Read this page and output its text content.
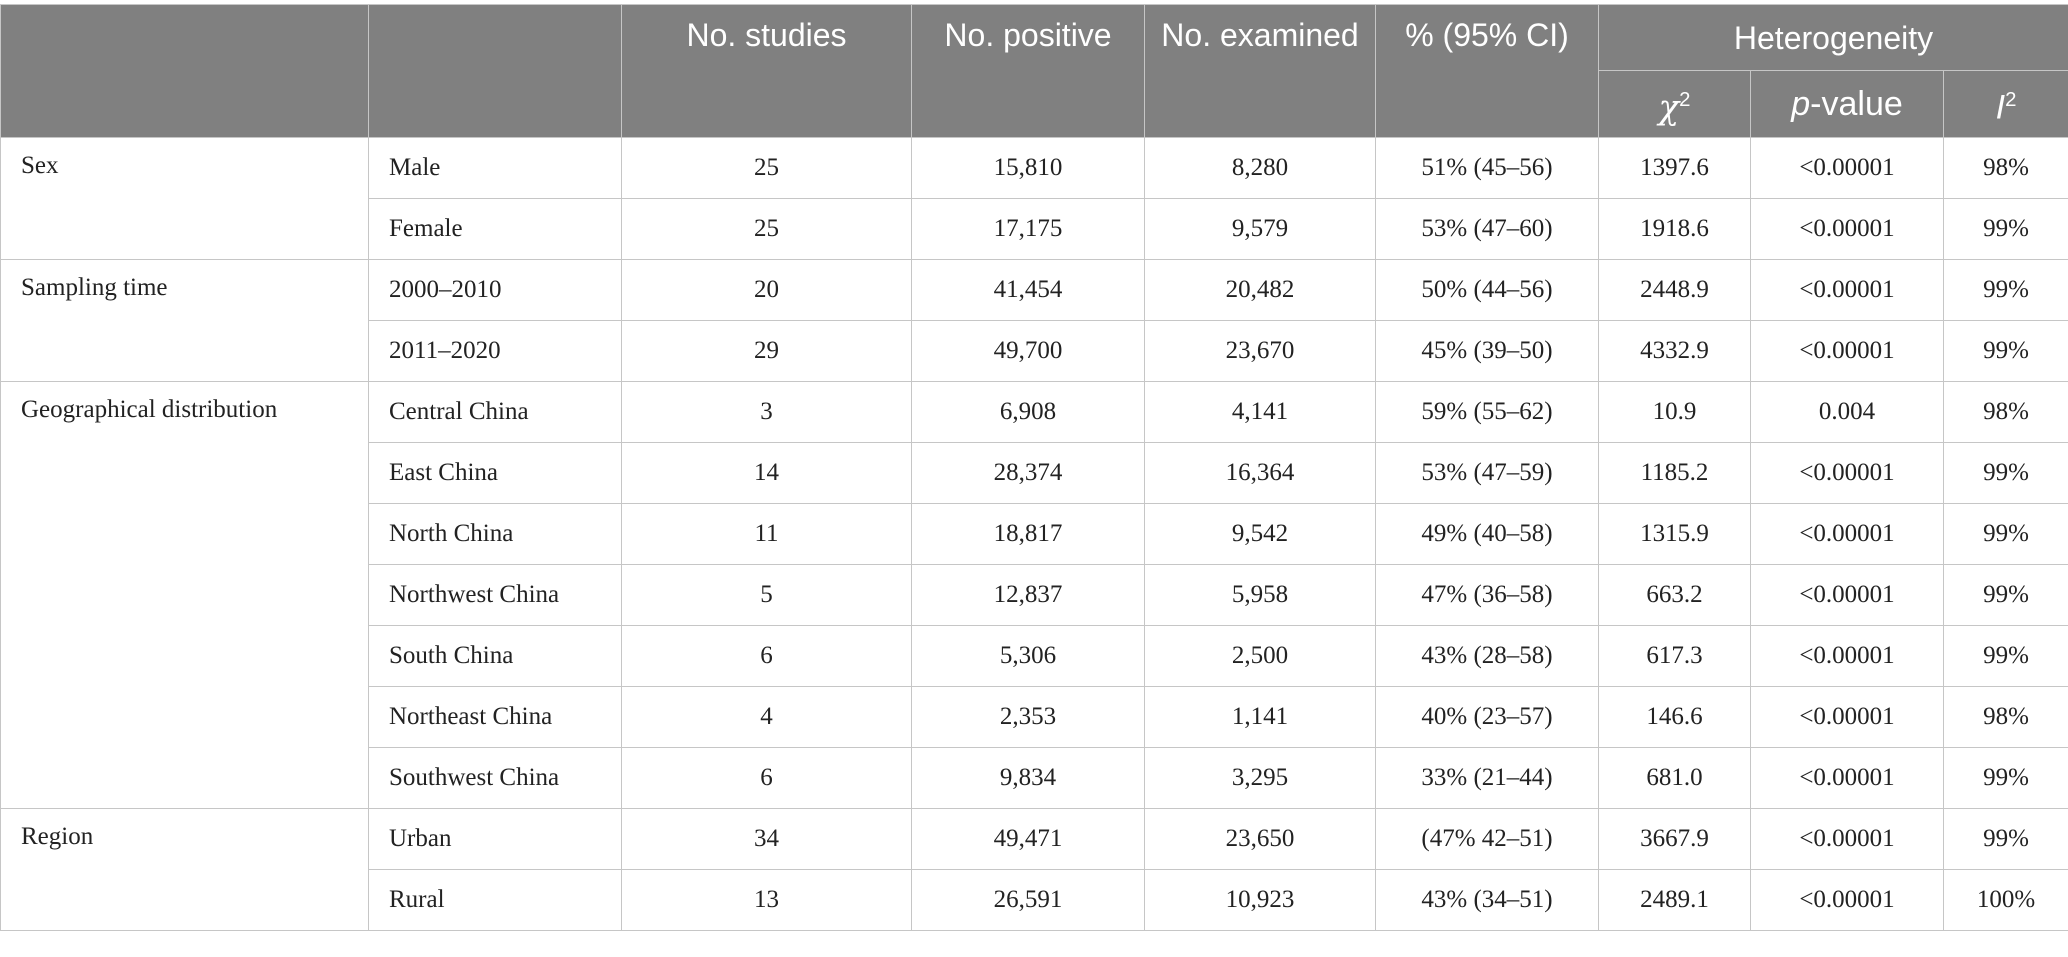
		No. studies	No. positive	No. examined	% (95% CI)	Heterogeneity		
						$\chi^2$	p-value	$I^2$
Sex	Male	25	15,810	8,280	51% (45–56)	1397.6	<0.00001	98%
	Female	25	17,175	9,579	53% (47–60)	1918.6	<0.00001	99%
Sampling time	2000–2010	20	41,454	20,482	50% (44–56)	2448.9	<0.00001	99%
	2011–2020	29	49,700	23,670	45% (39–50)	4332.9	<0.00001	99%
Geographical distribution	Central China	3	6,908	4,141	59% (55–62)	10.9	0.004	98%
	East China	14	28,374	16,364	53% (47–59)	1185.2	<0.00001	99%
	North China	11	18,817	9,542	49% (40–58)	1315.9	<0.00001	99%
	Northwest China	5	12,837	5,958	47% (36–58)	663.2	<0.00001	99%
	South China	6	5,306	2,500	43% (28–58)	617.3	<0.00001	99%
	Northeast China	4	2,353	1,141	40% (23–57)	146.6	<0.00001	98%
	Southwest China	6	9,834	3,295	33% (21–44)	681.0	<0.00001	99%
Region	Urban	34	49,471	23,650	(47% 42–51)	3667.9	<0.00001	99%
	Rural	13	26,591	10,923	43% (34–51)	2489.1	<0.00001	100%
